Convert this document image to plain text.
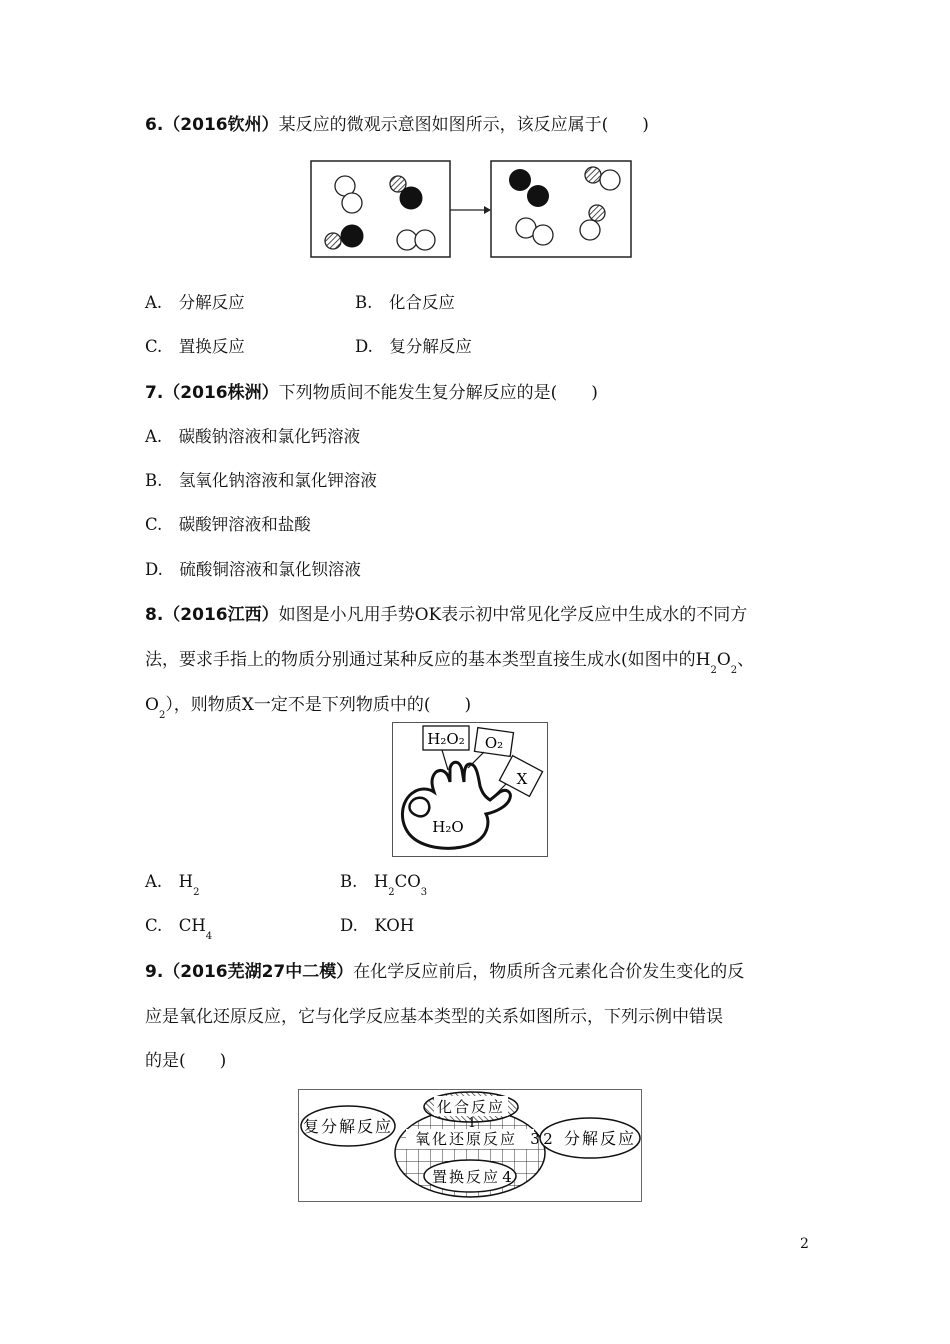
6.（2016钦州）某反应的微观示意图如图所示，该反应属于(　　)
A.　分解反应	B.　化合反应
C.　置换反应	D.　复分解反应
7.（2016株洲）下列物质间不能发生复分解反应的是(　　)
A.　碳酸钠溶液和氯化钙溶液
B.　氢氧化钠溶液和氯化钾溶液
C.　碳酸钾溶液和盐酸
D.　硫酸铜溶液和氯化钡溶液
8.（2016江西）如图是小凡用手势OK表示初中常见化学反应中生成水的不同方
法，要求手指上的物质分别通过某种反应的基本类型直接生成水(如图中的$H_2O_2$、
$O_2$），则物质X一定不是下列物质中的(　　)
H₂O₂ O₂
X
H₂O
A.　$H_2$
B.　$H_2CO_3$
C.　$CH_4$
D.　KOH
9.（2016芜湖27中二模）在化学反应前后，物质所含元素化合价发生变化的反
应是氧化还原反应，它与化学反应基本类型的关系如图所示，下列示例中错误
的是(　　)
化合反应
1
复分解反应
氧化还原反应 3 2 分解反应
置换反应 4
2
